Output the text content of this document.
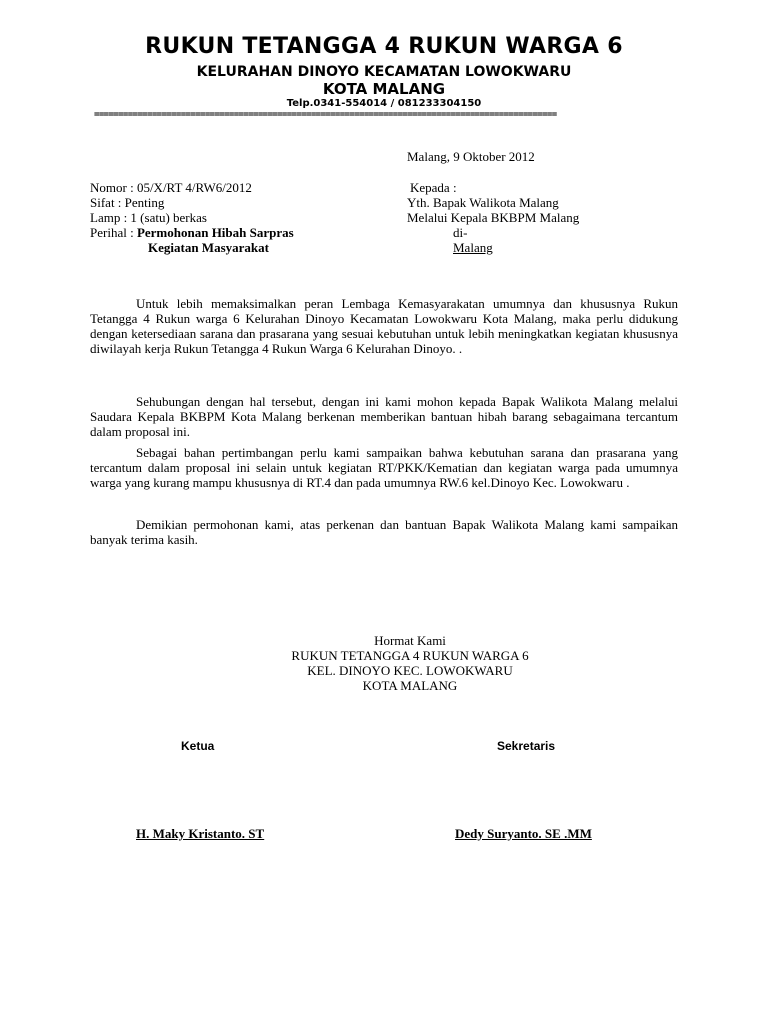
RUKUN TETANGGA 4 RUKUN WARGA 6
KELURAHAN DINOYO KECAMATAN LOWOKWARU
KOTA MALANG
Telp.0341-554014 / 081233304150
================================================================================================
Malang, 9 Oktober 2012
Nomor : 05/X/RT 4/RW6/2012
Sifat : Penting
Lamp : 1 (satu) berkas
Perihal : Permohonan Hibah Sarpras
Kegiatan Masyarakat
Kepada :
Yth. Bapak Walikota Malang
Melalui Kepala BKBPM Malang
di-
Malang
Untuk lebih memaksimalkan peran Lembaga Kemasyarakatan umumnya dan khususnya Rukun Tetangga 4 Rukun warga 6 Kelurahan Dinoyo Kecamatan Lowokwaru Kota Malang, maka perlu didukung dengan ketersediaan sarana dan prasarana yang sesuai kebutuhan untuk lebih meningkatkan kegiatan khususnya diwilayah kerja Rukun Tetangga 4 Rukun Warga 6 Kelurahan Dinoyo. .
Sehubungan dengan hal tersebut, dengan ini kami mohon kepada Bapak Walikota Malang melalui Saudara Kepala BKBPM Kota Malang berkenan memberikan bantuan hibah barang sebagaimana tercantum dalam proposal ini.
Sebagai bahan pertimbangan perlu kami sampaikan bahwa kebutuhan sarana dan prasarana yang tercantum dalam proposal ini selain untuk kegiatan RT/PKK/Kematian dan kegiatan warga pada umumnya warga yang kurang mampu khususnya di RT.4 dan pada umumnya RW.6 kel.Dinoyo Kec. Lowokwaru .
Demikian permohonan kami, atas perkenan dan bantuan Bapak Walikota Malang kami sampaikan banyak terima kasih.
Hormat Kami
RUKUN TETANGGA 4 RUKUN WARGA 6
KEL. DINOYO KEC. LOWOKWARU
KOTA MALANG
Ketua	Sekretaris
H. Maky Kristanto. ST	Dedy Suryanto. SE .MM
